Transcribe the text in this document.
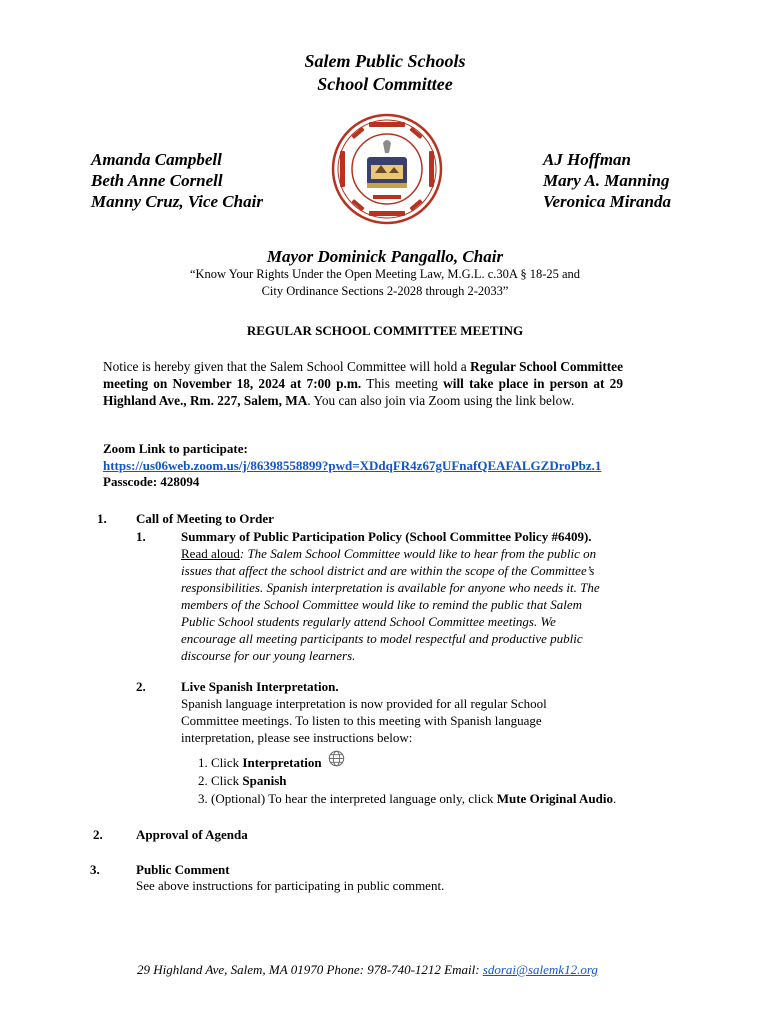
Salem Public Schools
School Committee
Amanda Campbell
Beth Anne Cornell
Manny Cruz, Vice Chair
AJ Hoffman
Mary A. Manning
Veronica Miranda
Mayor Dominick Pangallo, Chair
“Know Your Rights Under the Open Meeting Law, M.G.L. c.30A § 18-25 and
City Ordinance Sections 2-2028 through 2-2033”
REGULAR SCHOOL COMMITTEE MEETING
Notice is hereby given that the Salem School Committee will hold a Regular School Committee meeting on November 18, 2024 at 7:00 p.m. This meeting will take place in person at 29 Highland Ave., Rm. 227, Salem, MA. You can also join via Zoom using the link below.
Zoom Link to participate:
https://us06web.zoom.us/j/86398558899?pwd=XDdqFR4z67gUFnafQEAFALGZDroPbz.1
Passcode: 428094
1. Call of Meeting to Order
1.	Summary of Public Participation Policy (School Committee Policy #6409).
Read aloud: The Salem School Committee would like to hear from the public on
issues that affect the school district and are within the scope of the Committee’s
responsibilities. Spanish interpretation is available for anyone who needs it. The
members of the School Committee would like to remind the public that Salem
Public School students regularly attend School Committee meetings. We
encourage all meeting participants to model respectful and productive public
discourse for our young learners.
2.	Live Spanish Interpretation.
Spanish language interpretation is now provided for all regular School
Committee meetings. To listen to this meeting with Spanish language
interpretation, please see instructions below:
1. Click Interpretation
2. Click Spanish
3. (Optional) To hear the interpreted language only, click Mute Original Audio.
2.	Approval of Agenda
3.	Public Comment
See above instructions for participating in public comment.
29 Highland Ave, Salem, MA 01970 Phone: 978-740-1212 Email: sdorai@salemk12.org
